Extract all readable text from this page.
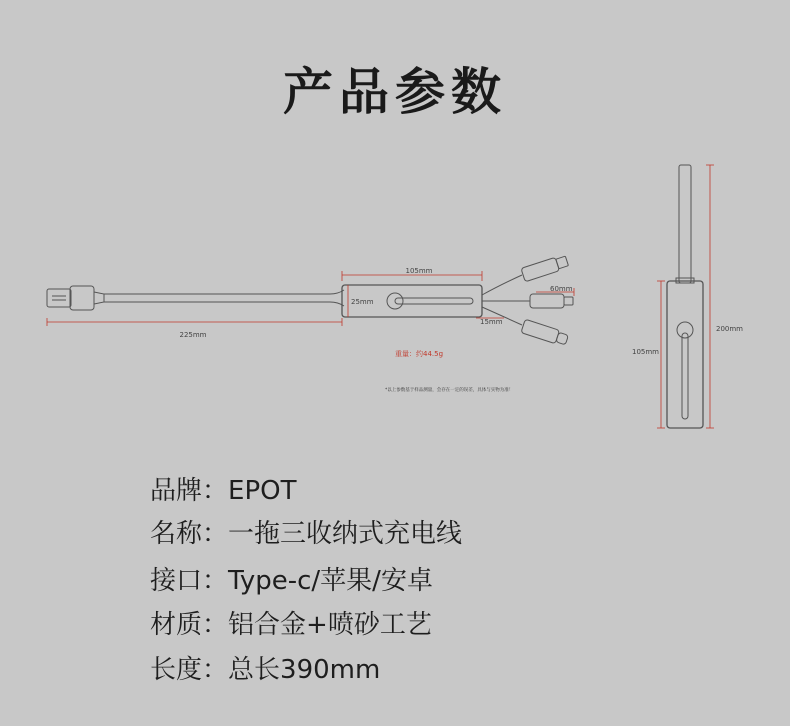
产品参数
105mm
225mm
25mm
60mm
15mm
重量：约44.5g
*以上参数基于样品测量，会存在一定的误差，具体与实物为准！
105mm
200mm
品牌：EPOT
名称：一拖三收纳式充电线
接口：Type-c/苹果/安卓
材质：铝合金+喷砂工艺
长度：总长390mm
